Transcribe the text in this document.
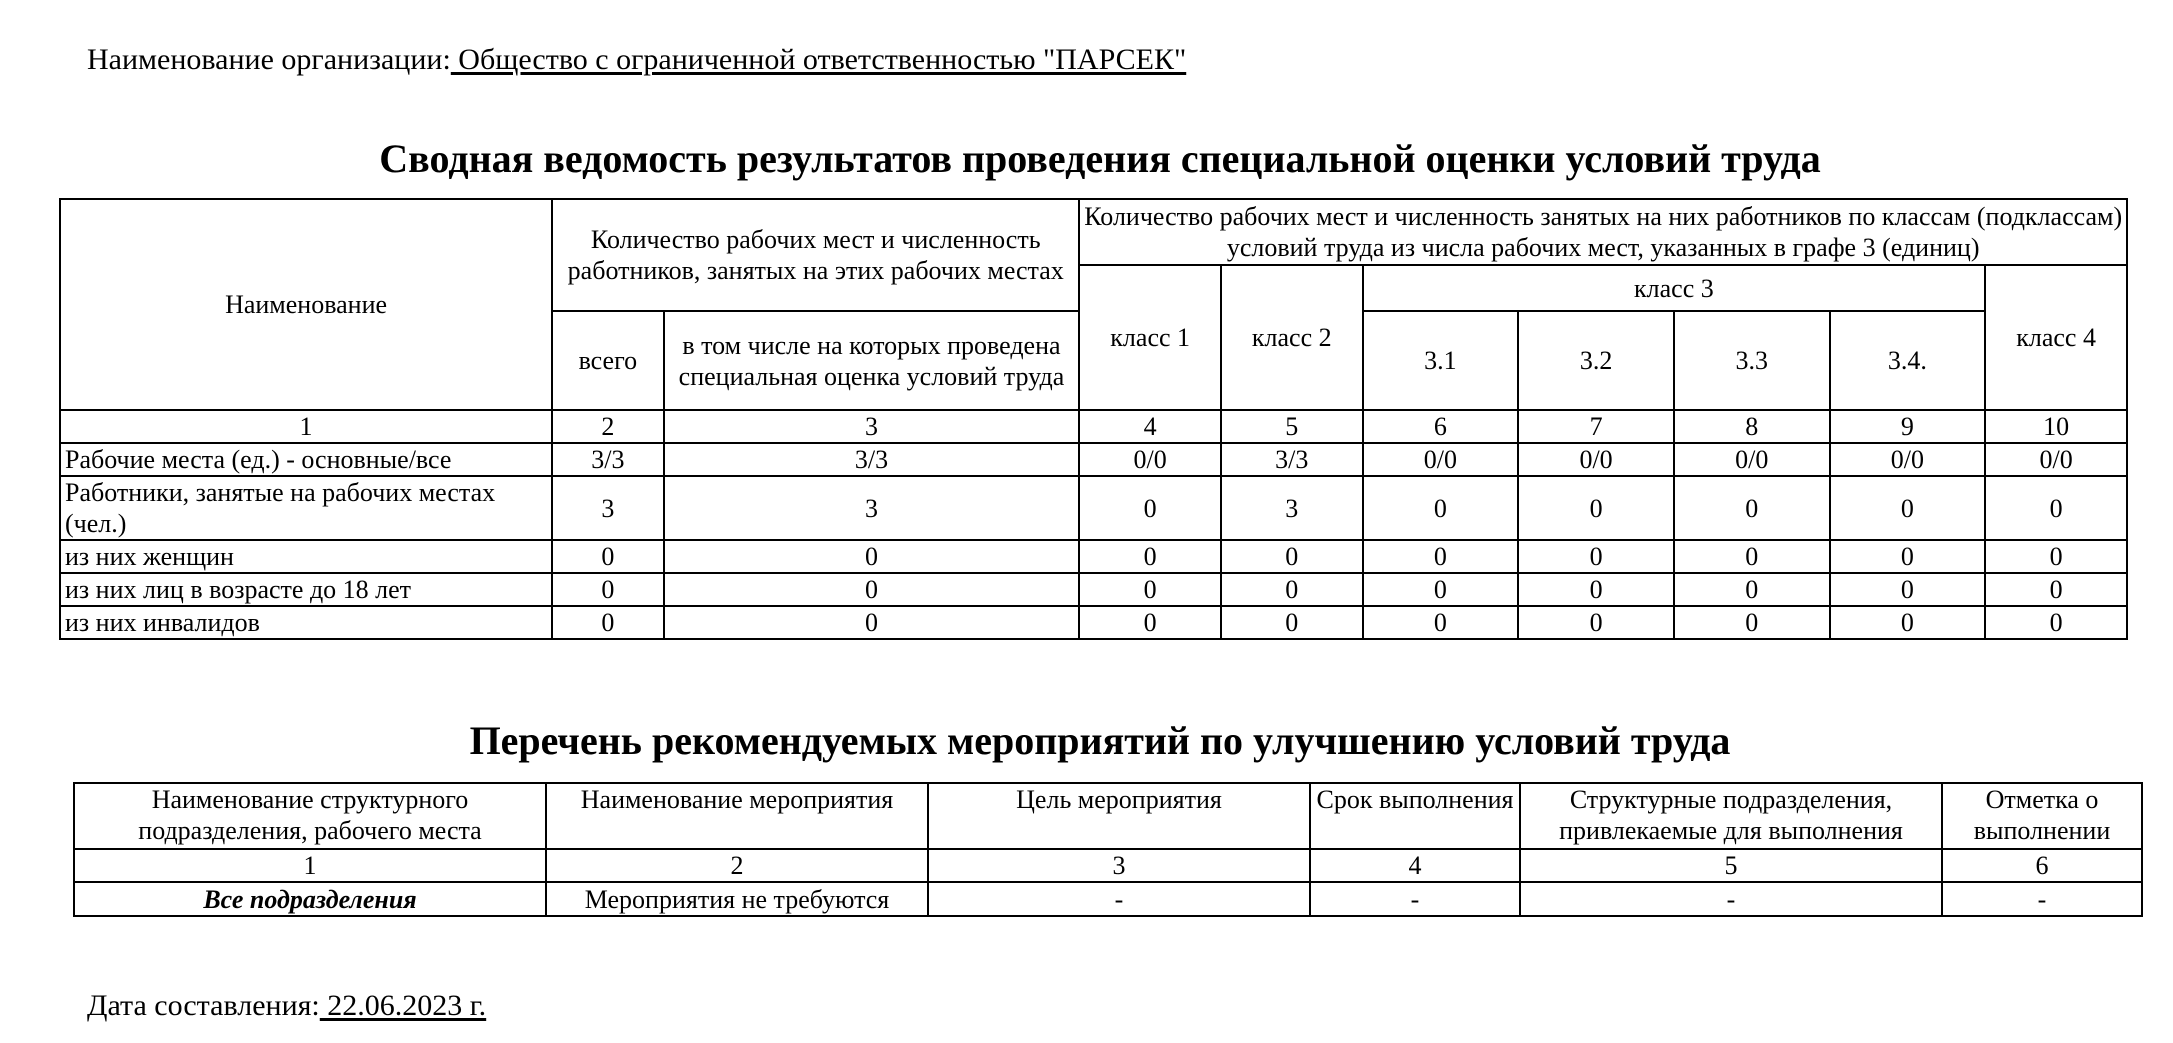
Наименование организации: Общество с ограниченной ответственностью "ПАРСЕК"
Сводная ведомость результатов проведения специальной оценки условий труда
Наименование	Количество рабочих мест и численность работников, занятых на этих рабочих местах		Количество рабочих мест и численность занятых на них работников по классам (подклассам) условий труда из числа рабочих мест, указанных в графе 3 (единиц)						
			класс 1	класс 2	класс 3				класс 4
	всего	в том числе на которых проведена специальная оценка условий труда			3.1	3.2	3.3	3.4.	
1	2	3	4	5	6	7	8	9	10
Рабочие места (ед.) - основные/все	3/3	3/3	0/0	3/3	0/0	0/0	0/0	0/0	0/0
Работники, занятые на рабочих местах (чел.)	3	3	0	3	0	0	0	0	0
из них женщин	0	0	0	0	0	0	0	0	0
из них лиц в возрасте до 18 лет	0	0	0	0	0	0	0	0	0
из них инвалидов	0	0	0	0	0	0	0	0	0
Перечень рекомендуемых мероприятий по улучшению условий труда
Наименование структурного подразделения, рабочего места	Наименование мероприятия	Цель мероприятия	Срок выполнения	Структурные подразделения, привлекаемые для выполнения	Отметка о выполнении
1	2	3	4	5	6
Все подразделения	Мероприятия не требуются	-	-	-	-
Дата составления: 22.06.2023 г.
